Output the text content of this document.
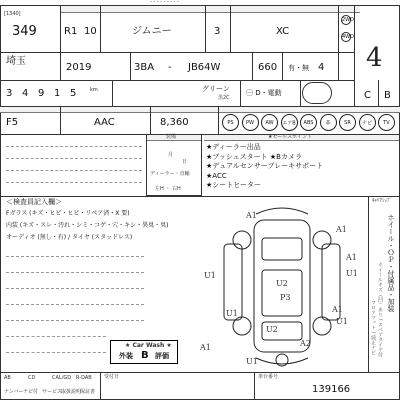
- - - - - - - - -
[1340]
349	R1 10	ジムニー	3	XC
2WD
4WD
4
埼玉
2019	3BA - JB64W	660 有・無 4
3 4 9 1 5	km	グリーン
黒2C
㊀ D・電動	C B
F5	AAC	8,360	PS	PW	AW	エアB	ABS	革	SR	ナビ	TV
装備
月
日
ディーラー・直輸
左H ・ 右H
★セールスポイント
★ディーラー出品
★プッシュスタート ★Bカメラ
★デュアルセンサーブレーキサポート
★ACC
★シートヒーター
＜検査員記入欄＞
Fガラス (キズ・ヒビ・ヒビ・リペア済・X 要)
内装 (キズ・スレ・汚れ・シミ・コゲ・穴・キシ・異臭・臭)
オーディオ (無し・有) / タイヤ (スタッドレス)
★ Car Wash ★
外装 B 評価
A1
A1
U1
A1
U2
P3
U1
U1
A1
U1
A2
A1
U2
U1
ｷｬﾘｱｼｯﾌﾟ
ホイール・ＯＰ・付属品・加装
ホイールキズ（凹）あり / スペアタイヤ付
フロアマット / 純正ナビ
AB	CD	CAL/GD R-DAB
ナンバー ナビ付 サービス
取扱説明
保証書
受付日	車台番号
139166
